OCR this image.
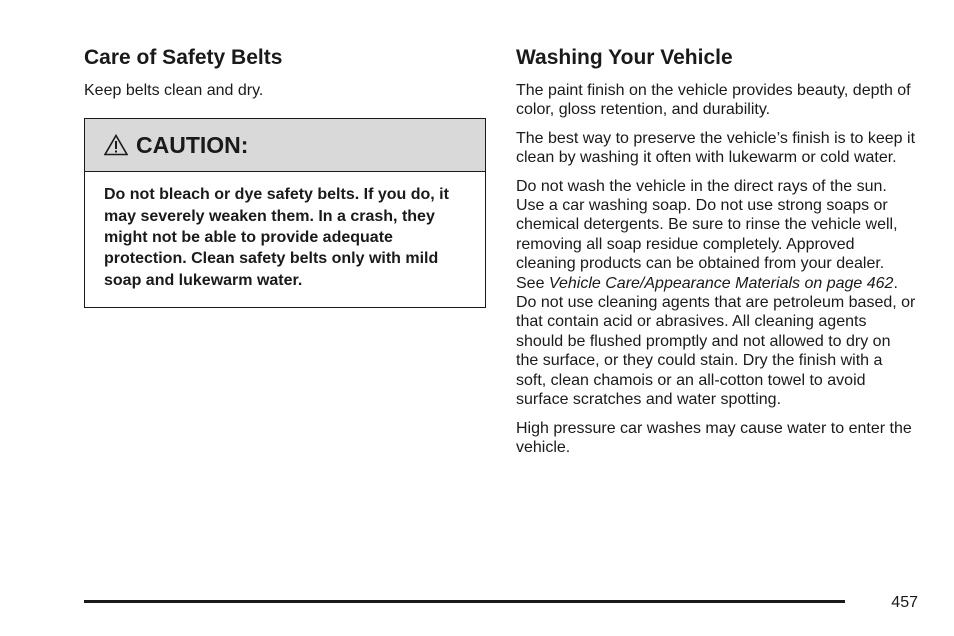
Care of Safety Belts

Keep belts clean and dry.

CAUTION:
Do not bleach or dye safety belts. If you do, it may severely weaken them. In a crash, they might not be able to provide adequate protection. Clean safety belts only with mild soap and lukewarm water.
Washing Your Vehicle

The paint finish on the vehicle provides beauty, depth of color, gloss retention, and durability.

The best way to preserve the vehicle’s finish is to keep it clean by washing it often with lukewarm or cold water.

Do not wash the vehicle in the direct rays of the sun. Use a car washing soap. Do not use strong soaps or chemical detergents. Be sure to rinse the vehicle well, removing all soap residue completely. Approved cleaning products can be obtained from your dealer. See Vehicle Care/Appearance Materials on page 462. Do not use cleaning agents that are petroleum based, or that contain acid or abrasives. All cleaning agents should be flushed promptly and not allowed to dry on the surface, or they could stain. Dry the finish with a soft, clean chamois or an all-cotton towel to avoid surface scratches and water spotting.

High pressure car washes may cause water to enter the vehicle.

457
